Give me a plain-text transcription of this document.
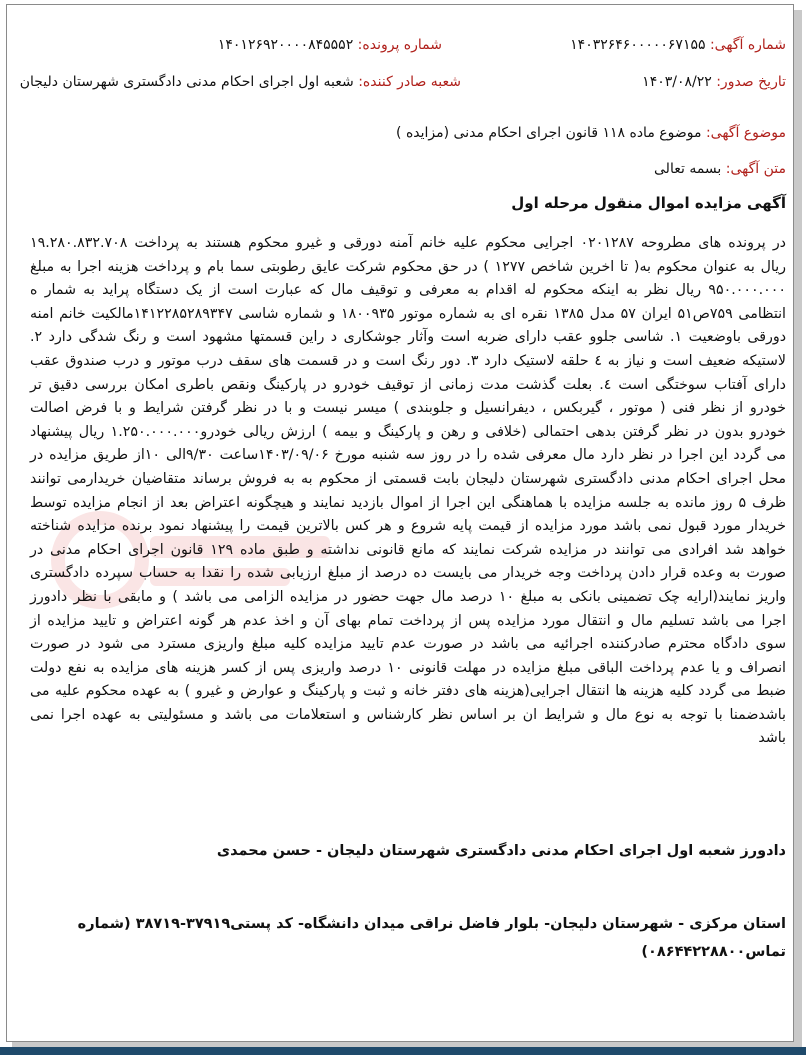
شماره آگهی: ۱۴۰۳۲۶۴۶۰۰۰۰۰۶۷۱۵۵
شماره پرونده: ۱۴۰۱۲۶۹۲۰۰۰۰۸۴۵۵۵۲
تاریخ صدور: ۱۴۰۳/۰۸/۲۲
شعبه صادر کننده: شعبه اول اجرای احکام مدنی دادگستری شهرستان دلیجان
موضوع آگهی: موضوع ماده ۱۱۸ قانون اجرای احکام مدنی (مزایده )
متن آگهی: بسمه تعالی
آگهی مزایده اموال منقول مرحله اول
در پرونده های مطروحه ۰۲۰۱۲۸۷ اجرایی محکوم علیه خانم آمنه دورقی و غیرو محکوم هستند به پرداخت ۱۹.۲۸۰.۸۳۲.۷۰۸ ریال به عنوان محکوم به( تا اخرین شاخص ۱۲۷۷ ) در حق محکوم شرکت عایق رطوبتی سما بام و پرداخت هزینه اجرا به مبلغ ۹۵۰.۰۰۰.۰۰۰ ریال نظر به اینکه محکوم له اقدام به معرفی و توقیف مال که عبارت است از یک دستگاه پراید به شمار ه انتظامی ۷۵۹ص۵۱ ایران ۵۷ مدل ۱۳۸۵ نقره ای به شماره موتور ۱۸۰۰۹۳۵ و شماره شاسی ۱۴۱۲۲۸۵۲۸۹۳۴۷مالکیت خانم امنه دورقی باوضعیت ۱. شاسی جلوو عقب دارای ضربه است وآثار جوشکاری د راین قسمتها مشهود است و رنگ شدگی دارد ۲. لاستیکه ضعیف است و نیاز به ٤ حلقه لاستیک دارد ۳. دور رنگ است و در قسمت های سقف درب موتور و درب صندوق عقب دارای آفتاب سوختگی است ٤. بعلت گذشت مدت زمانی از توقیف خودرو در پارکینگ ونقص باطری امکان بررسی دقیق تر خودرو از نظر فنی ( موتور ، گیربکس ، دیفرانسیل و جلوبندی ) میسر نیست و با در نظر گرفتن شرایط و با فرض اصالت خودرو بدون در نظر گرفتن بدهی احتمالی (خلافی و رهن و پارکینگ و بیمه ) ارزش ریالی خودرو۱.۲۵۰.۰۰۰.۰۰۰ ریال پیشنهاد می گردد این اجرا در نظر دارد مال معرفی شده را در روز سه شنبه مورخ ۱۴۰۳/۰۹/۰۶ساعت ۹/۳۰الی ۱۰از طریق مزایده در محل اجرای احکام مدنی دادگستری شهرستان دلیجان بابت قسمتی از محکوم به به فروش برساند متقاضیان خریدارمی توانند ظرف ۵ روز مانده به جلسه مزایده با هماهنگی این اجرا از اموال بازدید نمایند و هیچگونه اعتراض بعد از انجام مزایده توسط خریدار مورد قبول نمی باشد مورد مزایده از قیمت پایه شروع و هر کس بالاترین قیمت را پیشنهاد نمود برنده مزایده شناخته خواهد شد افرادی می توانند در مزایده شرکت نمایند که مانع قانونی نداشته و طبق ماده ۱۲۹ قانون اجرای احکام مدنی در صورت به وعده قرار دادن پرداخت وجه خریدار می بایست ده درصد از مبلغ ارزیابی شده را نقدا به حساب سپرده دادگستری واریز نمایند(ارایه چک تضمینی بانکی به مبلغ ۱۰ درصد مال جهت حضور در مزایده الزامی می باشد ) و مابقی با نظر دادورز اجرا می باشد تسلیم مال و انتقال مورد مزایده پس از پرداخت تمام بهای آن و اخذ عدم هر گونه اعتراض و تایید مزایده از سوی دادگاه محترم صادرکننده اجرائیه می باشد در صورت عدم تایید مزایده کلیه مبلغ واریزی مسترد می شود در صورت انصراف و یا عدم پرداخت الباقی مبلغ مزایده در مهلت قانونی ۱۰ درصد واریزی پس از کسر هزینه های مزایده به نفع دولت ضبط می گردد کلیه هزینه ها انتقال اجرایی(هزینه های دفتر خانه و ثبت و پارکینگ و عوارض و غیرو ) به عهده محکوم علیه می باشدضمنا با توجه به نوع مال و شرایط ان بر اساس نظر کارشناس و استعلامات می باشد و مسئولیتی به عهده اجرا نمی باشد
دادورز شعبه اول اجرای احکام مدنی دادگستری شهرستان دلیجان - حسن محمدی
استان مرکزی - شهرستان دلیجان- بلوار فاضل نراقی میدان دانشگاه- کد پستی۳۷۹۱۹-۳۸۷۱۹ (شماره تماس۰۸۶۴۴۲۲۸۸۰۰)
